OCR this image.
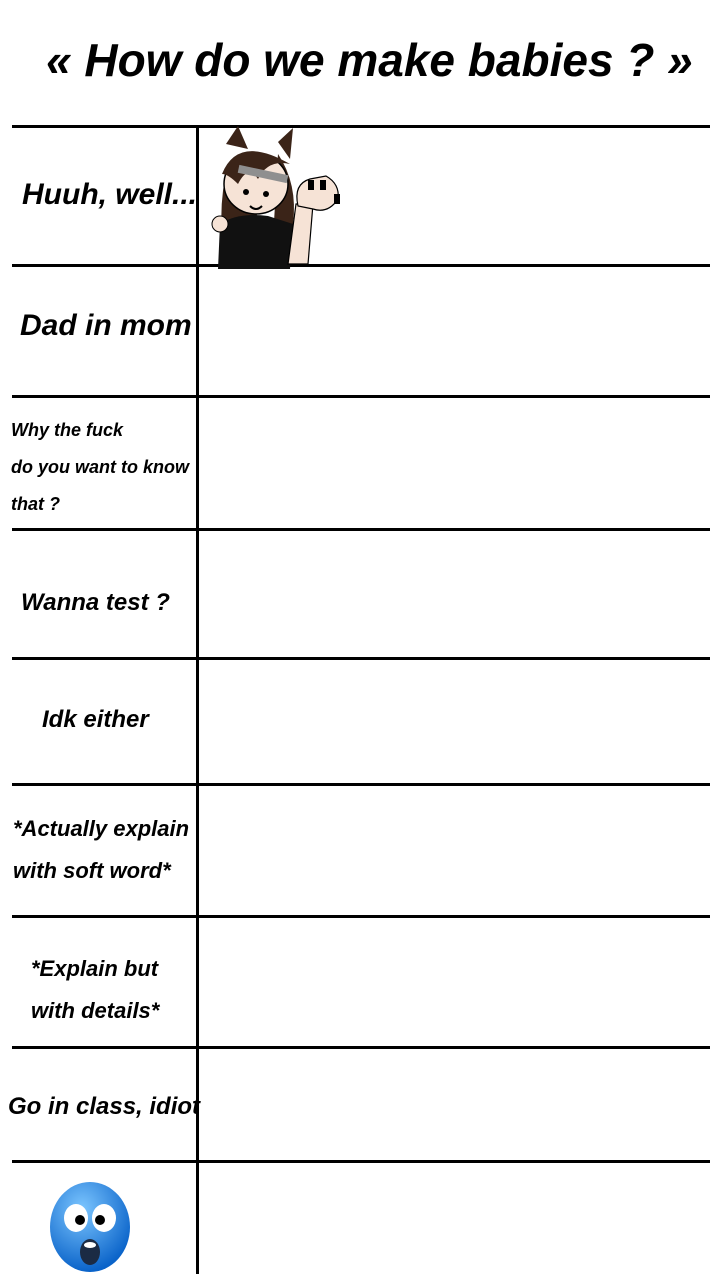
« How do we make babies ? »
Huuh, well...
Dad in mom
Why the fuck
do you want to know
that ?
Wanna test ?
Idk either
*Actually explain
with soft word*
*Explain but
with details*
Go in class, idiot
